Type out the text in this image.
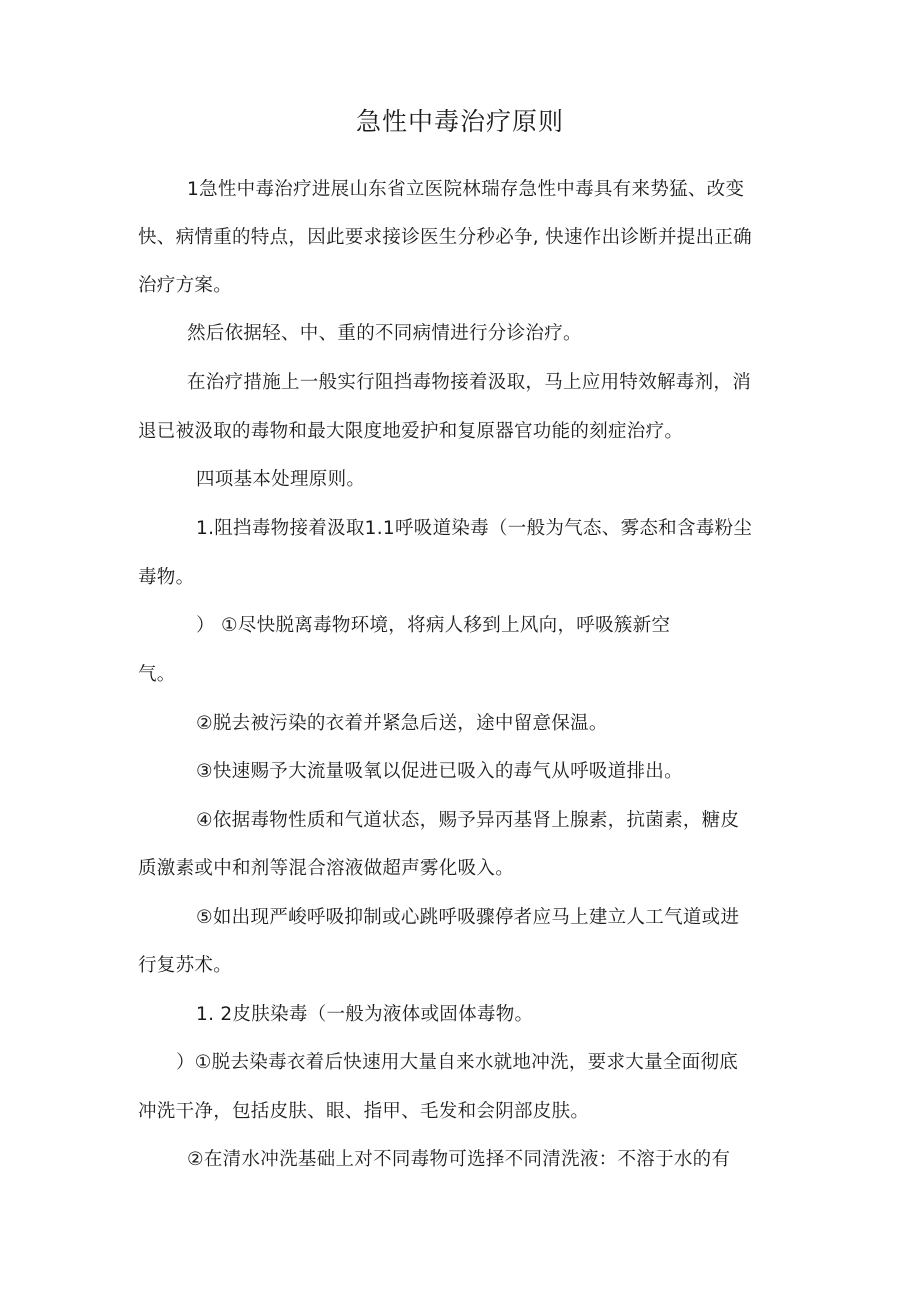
急性中毒治疗原则
1急性中毒治疗进展山东省立医院林瑞存急性中毒具有来势猛、改变
快、病情重的特点，因此要求接诊医生分秒必争, 快速作出诊断并提出正确
治疗方案。
然后依据轻、中、重的不同病情进行分诊治疗。
在治疗措施上一般实行阻挡毒物接着汲取，马上应用特效解毒剂，消
退已被汲取的毒物和最大限度地爱护和复原器官功能的刻症治疗。
四项基本处理原则。
1.阻挡毒物接着汲取1.1呼吸道染毒（一般为气态、雾态和含毒粉尘
毒物。
） ①尽快脱离毒物环境，将病人移到上风向，呼吸簇新空
气。
②脱去被污染的衣着并紧急后送，途中留意保温。
③快速赐予大流量吸氧以促进已吸入的毒气从呼吸道排出。
④依据毒物性质和气道状态，赐予异丙基肾上腺素，抗菌素，糖皮
质激素或中和剂等混合溶液做超声雾化吸入。
⑤如出现严峻呼吸抑制或心跳呼吸骤停者应马上建立人工气道或进
行复苏术。
1. 2皮肤染毒（一般为液体或固体毒物。
）①脱去染毒衣着后快速用大量自来水就地冲洗，要求大量全面彻底
冲洗干净，包括皮肤、眼、指甲、毛发和会阴部皮肤。
②在清水冲洗基础上对不同毒物可选择不同清洗液：不溶于水的有
